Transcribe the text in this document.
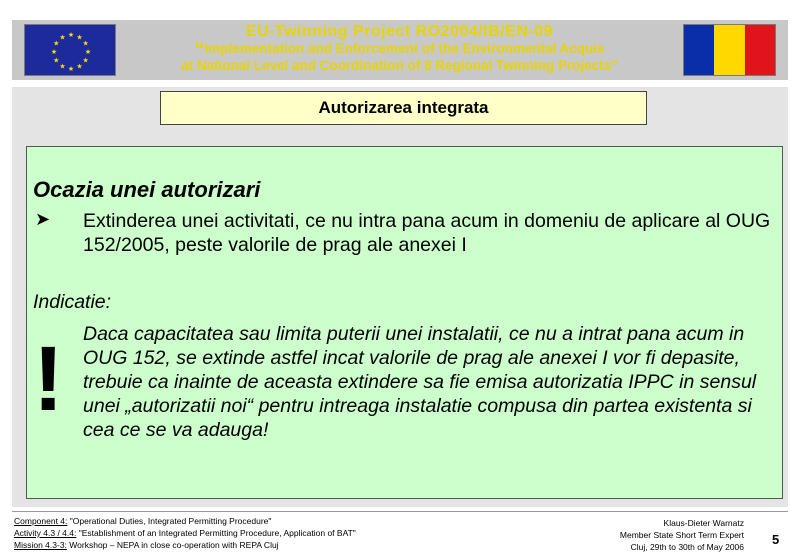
★
★
★
★
★
★
★
★
★ ★ ★
★
EU-Twinning Project RO2004/IB/EN-09
“ Implementation and Enforcement of the Environmental Acquis
at National Level and Coordination of 8 Regional Twinning Projects ”
Autorizarea integrata
Ocazia unei autorizari
➤ Extinderea unei activitati, ce nu intra pana acum in domeniu de aplicare al OUG 152/2005, peste valorile de prag ale anexei I
Indicatie:
! Daca capacitatea sau limita puterii unei instalatii, ce nu a intrat pana acum in OUG 152, se extinde astfel incat valorile de prag ale anexei I vor fi depasite, trebuie ca inainte de aceasta extindere sa fie emisa autorizatia IPPC in sensul unei „autorizatii noi“ pentru intreaga instalatie compusa din partea existenta si cea ce se va adauga!
Component 4: "Operational Duties, Integrated Permitting Procedure"
Activity 4.3 / 4.4: "Establishment of an Integrated Permitting Procedure, Application of BAT"
Mission 4.3-3: Workshop – NEPA in close co-operation with REPA Cluj
Klaus-Dieter Warnatz
Member State Short Term Expert
Cluj, 29th to 30th of May 2006 5
